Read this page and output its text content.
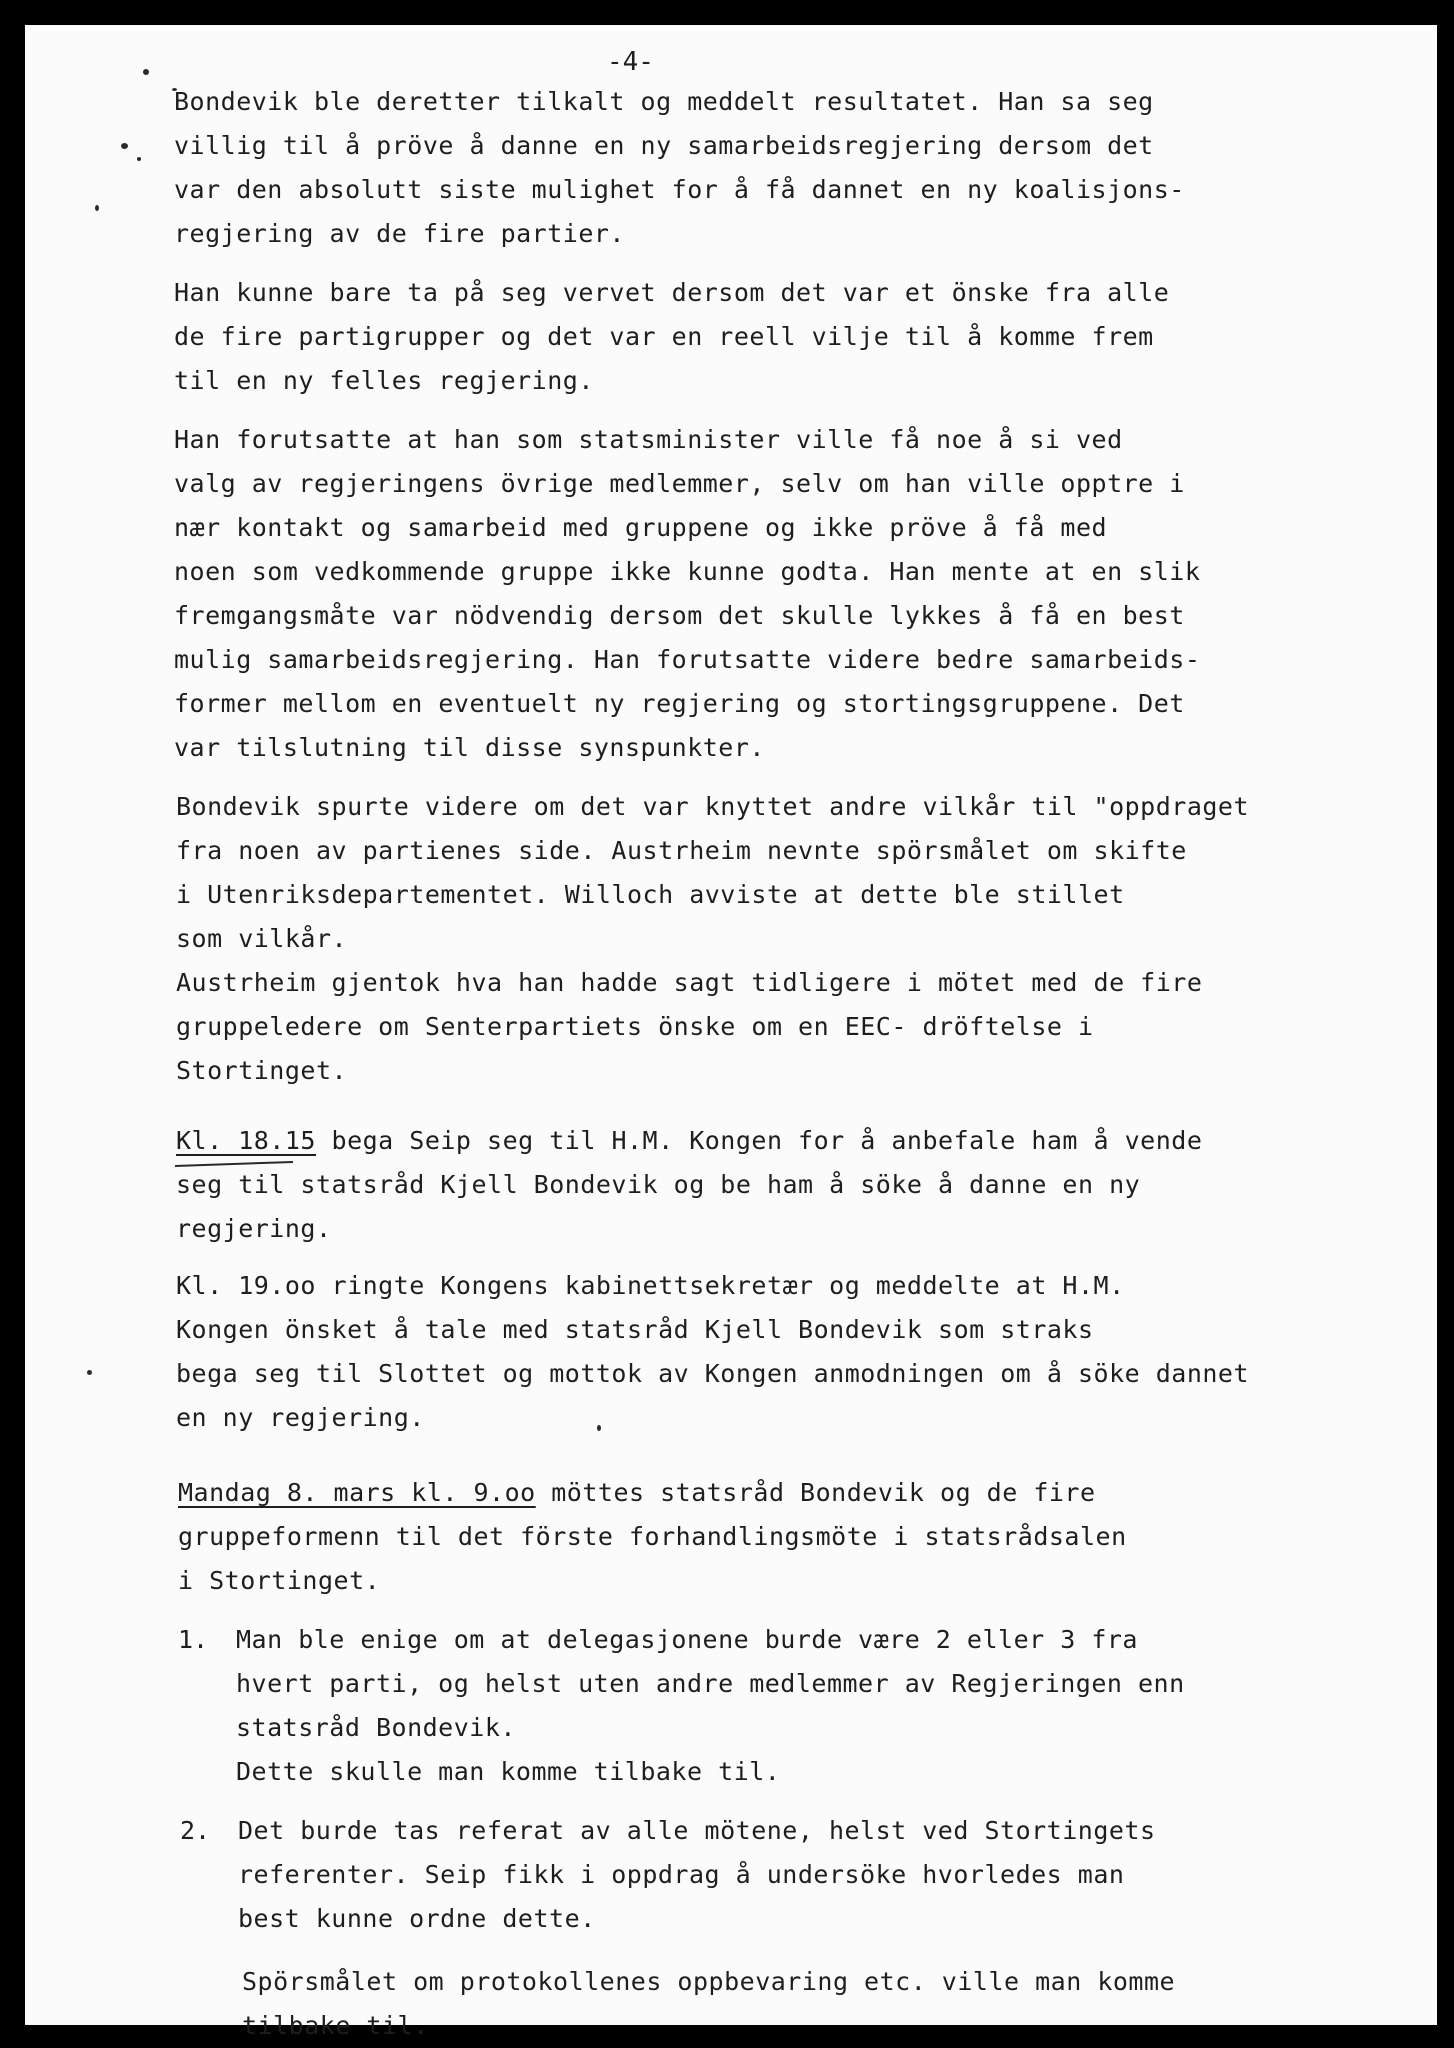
-4-

Bondevik ble deretter tilkalt og meddelt resultatet. Han sa seg

villig til å pröve å danne en ny samarbeidsregjering dersom det

var den absolutt siste mulighet for å få dannet en ny koalisjons-

regjering av de fire partier.

Han kunne bare ta på seg vervet dersom det var et önske fra alle

de fire partigrupper og det var en reell vilje til å komme frem

til en ny felles regjering.

Han forutsatte at han som statsminister ville få noe å si ved

valg av regjeringens övrige medlemmer, selv om han ville opptre i

nær kontakt og samarbeid med gruppene og ikke pröve å få med

noen som vedkommende gruppe ikke kunne godta. Han mente at en slik

fremgangsmåte var nödvendig dersom det skulle lykkes å få en best

mulig samarbeidsregjering. Han forutsatte videre bedre samarbeids-

former mellom en eventuelt ny regjering og stortingsgruppene. Det

var tilslutning til disse synspunkter.

Bondevik spurte videre om det var knyttet andre vilkår til "oppdraget

fra noen av partienes side. Austrheim nevnte spörsmålet om skifte

i Utenriksdepartementet. Willoch avviste at dette ble stillet

som vilkår.

Austrheim gjentok hva han hadde sagt tidligere i mötet med de fire

gruppeledere om Senterpartiets önske om en EEC- dröftelse i

Stortinget.

Kl. 18.15 bega Seip seg til H.M. Kongen for å anbefale ham å vende

seg til statsråd Kjell Bondevik og be ham å söke å danne en ny

regjering.

Kl. 19.oo ringte Kongens kabinettsekretær og meddelte at H.M.

Kongen önsket å tale med statsråd Kjell Bondevik som straks

bega seg til Slottet og mottok av Kongen anmodningen om å söke dannet

en ny regjering.

Mandag 8. mars kl. 9.oo möttes statsråd Bondevik og de fire

gruppeformenn til det förste forhandlingsmöte i statsrådsalen

i Stortinget.

1. Man ble enige om at delegasjonene burde være 2 eller 3 fra

hvert parti, og helst uten andre medlemmer av Regjeringen enn

statsråd Bondevik.

Dette skulle man komme tilbake til.

2. Det burde tas referat av alle mötene, helst ved Stortingets

referenter. Seip fikk i oppdrag å undersöke hvorledes man

best kunne ordne dette.

Spörsmålet om protokollenes oppbevaring etc. ville man komme

tilbake til.
